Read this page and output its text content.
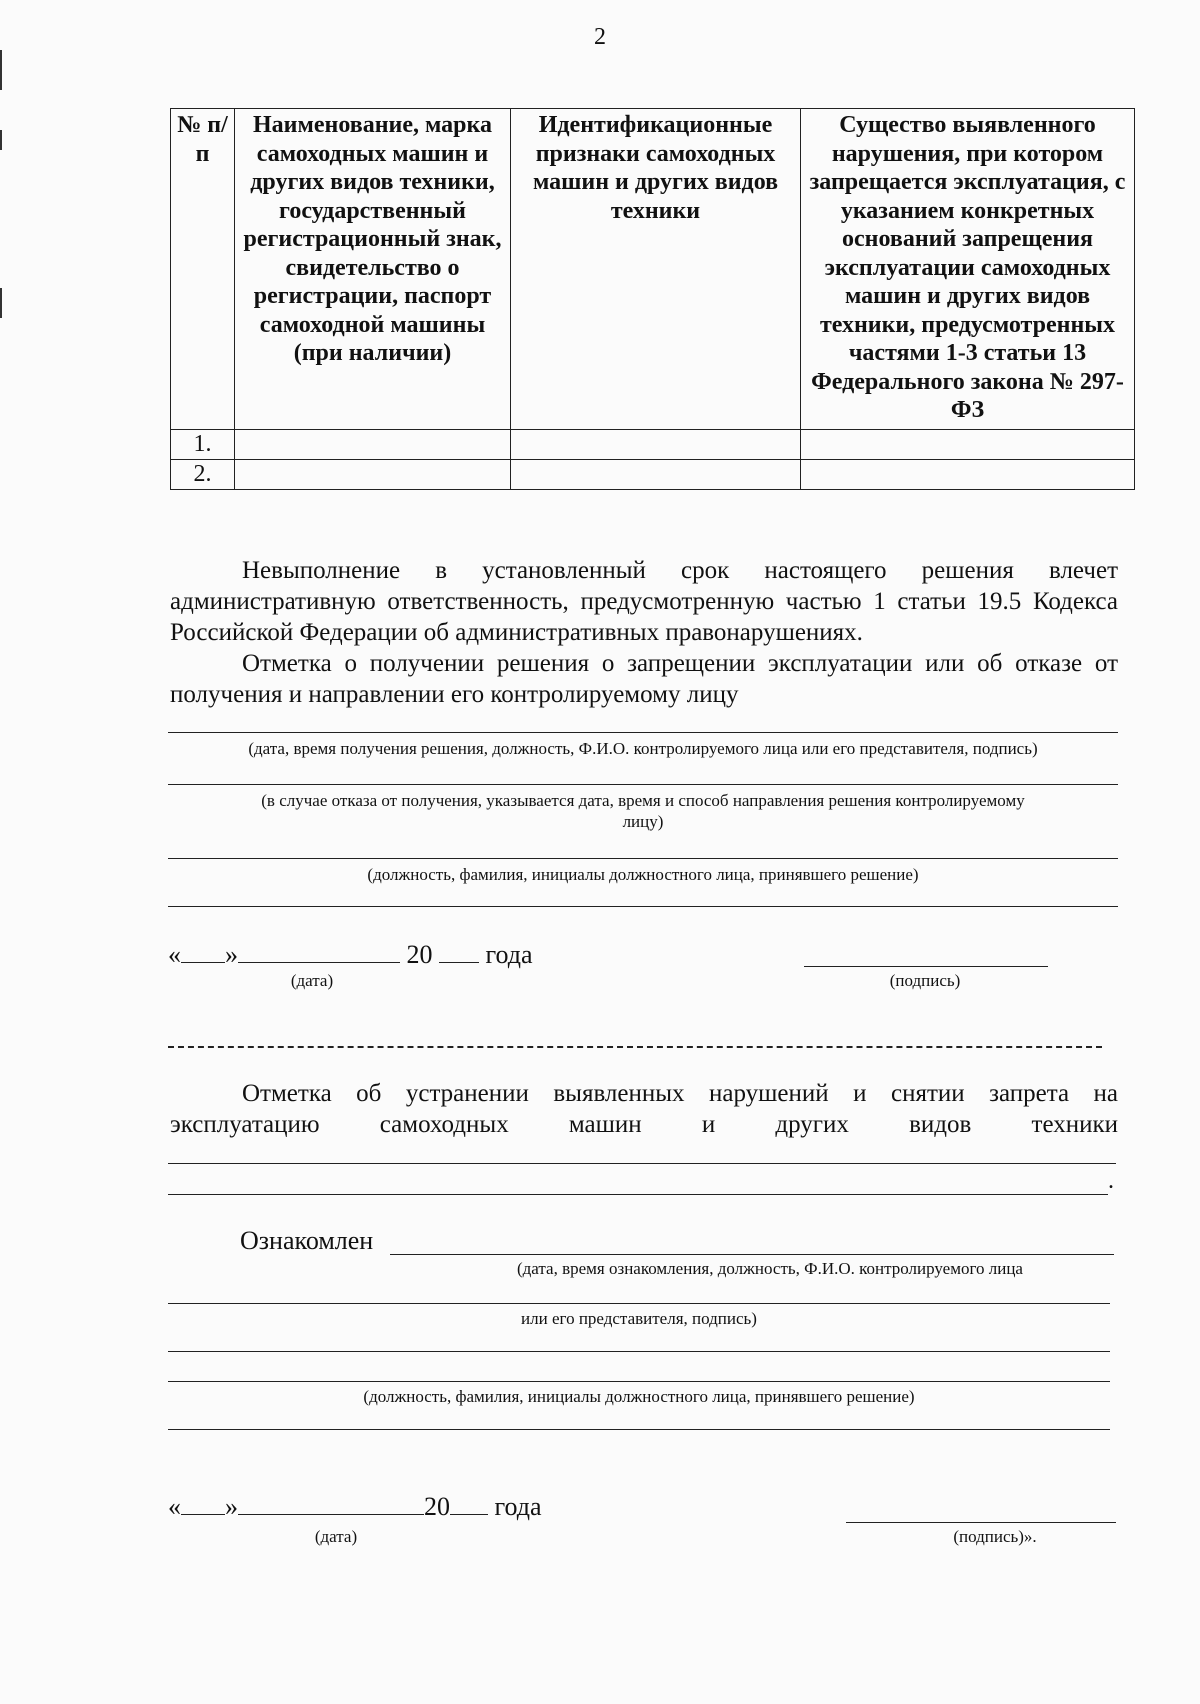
2
№ п/п	Наименование, марка самоходных машин и других видов техники, государственный регистрационный знак, свидетельство о регистрации, паспорт самоходной машины (при наличии)	Идентификационные признаки самоходных машин и других видов техники	Существо выявленного нарушения, при котором запрещается эксплуатация, с указанием конкретных оснований запрещения эксплуатации самоходных машин и других видов техники, предусмотренных частями 1-3 статьи 13 Федерального закона № 297-ФЗ
1.			
2.			
Невыполнение в установленный срок настоящего решения влечет административную ответственность, предусмотренную частью 1 статьи 19.5 Кодекса Российской Федерации об административных правонарушениях.
Отметка о получении решения о запрещении эксплуатации или об отказе от получения и направлении его контролируемому лицу
(дата, время получения решения, должность, Ф.И.О. контролируемого лица или его представителя, подпись)
(в случае отказа от получения, указывается дата, время и способ направления решения контролируемому лицу)
(должность, фамилия, инициалы должностного лица, принявшего решение)
« »	20 года
(дата)	(подпись)
Отметка об устранении выявленных нарушений и снятии запрета на эксплуатацию самоходных машин и других видов техники
.
Ознакомлен
(дата, время ознакомления, должность, Ф.И.О. контролируемого лица
или его представителя, подпись)
(должность, фамилия, инициалы должностного лица, принявшего решение)
« »	20 года
(дата)	(подпись)».
